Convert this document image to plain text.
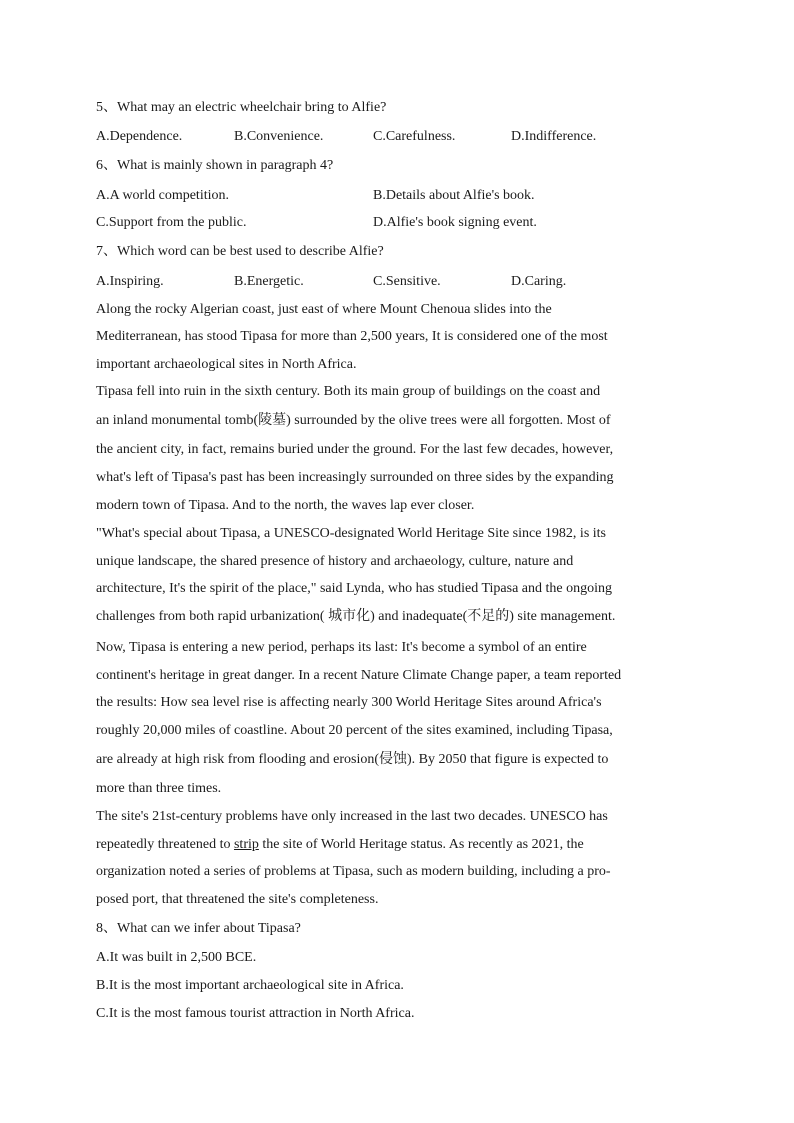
5、What may an electric wheelchair bring to Alfie?
A.Dependence.	B.Convenience.	C.Carefulness.	D.Indifference.
6、What is mainly shown in paragraph 4?
A.A world competition.	B.Details about Alfie's book.
C.Support from the public.	D.Alfie's book signing event.
7、Which word can be best used to describe Alfie?
A.Inspiring.	B.Energetic.	C.Sensitive.	D.Caring.
Along the rocky Algerian coast, just east of where Mount Chenoua slides into the
Mediterranean, has stood Tipasa for more than 2,500 years, It is considered one of the most
important archaeological sites in North Africa.
Tipasa fell into ruin in the sixth century. Both its main group of buildings on the coast and
an inland monumental tomb(陵墓) surrounded by the olive trees were all forgotten. Most of
the ancient city, in fact, remains buried under the ground. For the last few decades, however,
what's left of Tipasa's past has been increasingly surrounded on three sides by the expanding
modern town of Tipasa. And to the north, the waves lap ever closer.
"What's special about Tipasa, a UNESCO-designated World Heritage Site since 1982, is its
unique landscape, the shared presence of history and archaeology, culture, nature and
architecture, It's the spirit of the place," said Lynda, who has studied Tipasa and the ongoing
challenges from both rapid urbanization( 城市化) and inadequate(不足的) site management.
Now, Tipasa is entering a new period, perhaps its last: It's become a symbol of an entire
continent's heritage in great danger. In a recent Nature Climate Change paper, a team reported
the results: How sea level rise is affecting nearly 300 World Heritage Sites around Africa's
roughly 20,000 miles of coastline. About 20 percent of the sites examined, including Tipasa,
are already at high risk from flooding and erosion(侵蚀). By 2050 that figure is expected to
more than three times.
The site's 21st-century problems have only increased in the last two decades. UNESCO has
repeatedly threatened to strip the site of World Heritage status. As recently as 2021, the
organization noted a series of problems at Tipasa, such as modern building, including a pro-
posed port, that threatened the site's completeness.
8、What can we infer about Tipasa?
A.It was built in 2,500 BCE.
B.It is the most important archaeological site in Africa.
C.It is the most famous tourist attraction in North Africa.
